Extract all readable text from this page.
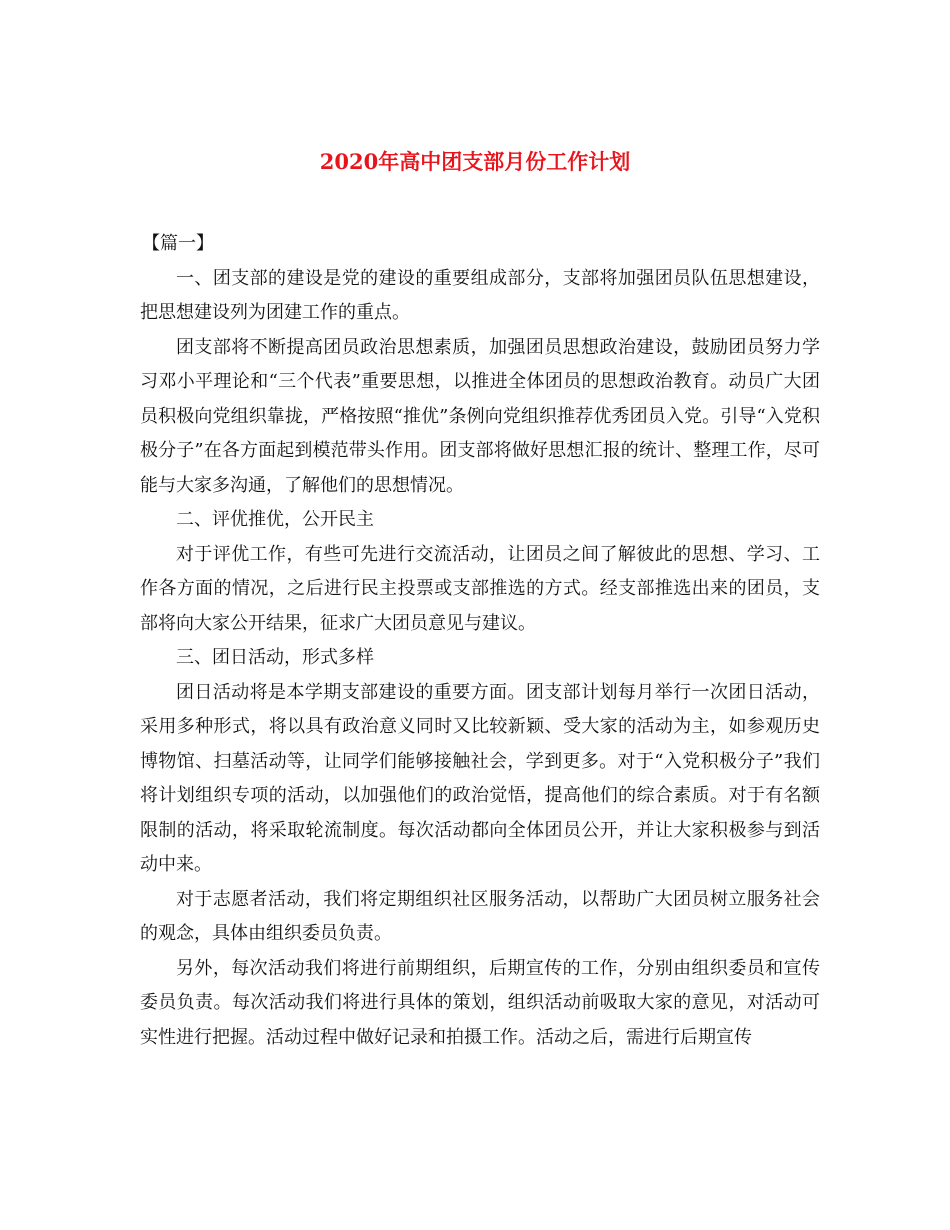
2020年高中团支部月份工作计划

【篇一】

一、团支部的建设是党的建设的重要组成部分，支部将加强团员队伍思想建设，把思想建设列为团建工作的重点。

团支部将不断提高团员政治思想素质，加强团员思想政治建设，鼓励团员努力学习邓小平理论和“三个代表”重要思想，以推进全体团员的思想政治教育。动员广大团员积极向党组织靠拢，严格按照“推优”条例向党组织推荐优秀团员入党。引导“入党积极分子”在各方面起到模范带头作用。团支部将做好思想汇报的统计、整理工作，尽可能与大家多沟通，了解他们的思想情况。

二、评优推优，公开民主

对于评优工作，有些可先进行交流活动，让团员之间了解彼此的思想、学习、工作各方面的情况，之后进行民主投票或支部推选的方式。经支部推选出来的团员，支部将向大家公开结果，征求广大团员意见与建议。

三、团日活动，形式多样

团日活动将是本学期支部建设的重要方面。团支部计划每月举行一次团日活动，采用多种形式，将以具有政治意义同时又比较新颖、受大家的活动为主，如参观历史博物馆、扫墓活动等，让同学们能够接触社会，学到更多。对于“入党积极分子”我们将计划组织专项的活动，以加强他们的政治觉悟，提高他们的综合素质。对于有名额限制的活动，将采取轮流制度。每次活动都向全体团员公开，并让大家积极参与到活动中来。

对于志愿者活动，我们将定期组织社区服务活动，以帮助广大团员树立服务社会的观念，具体由组织委员负责。

另外，每次活动我们将进行前期组织，后期宣传的工作，分别由组织委员和宣传委员负责。每次活动我们将进行具体的策划，组织活动前吸取大家的意见，对活动可实性进行把握。活动过程中做好记录和拍摄工作。活动之后，需进行后期宣传
